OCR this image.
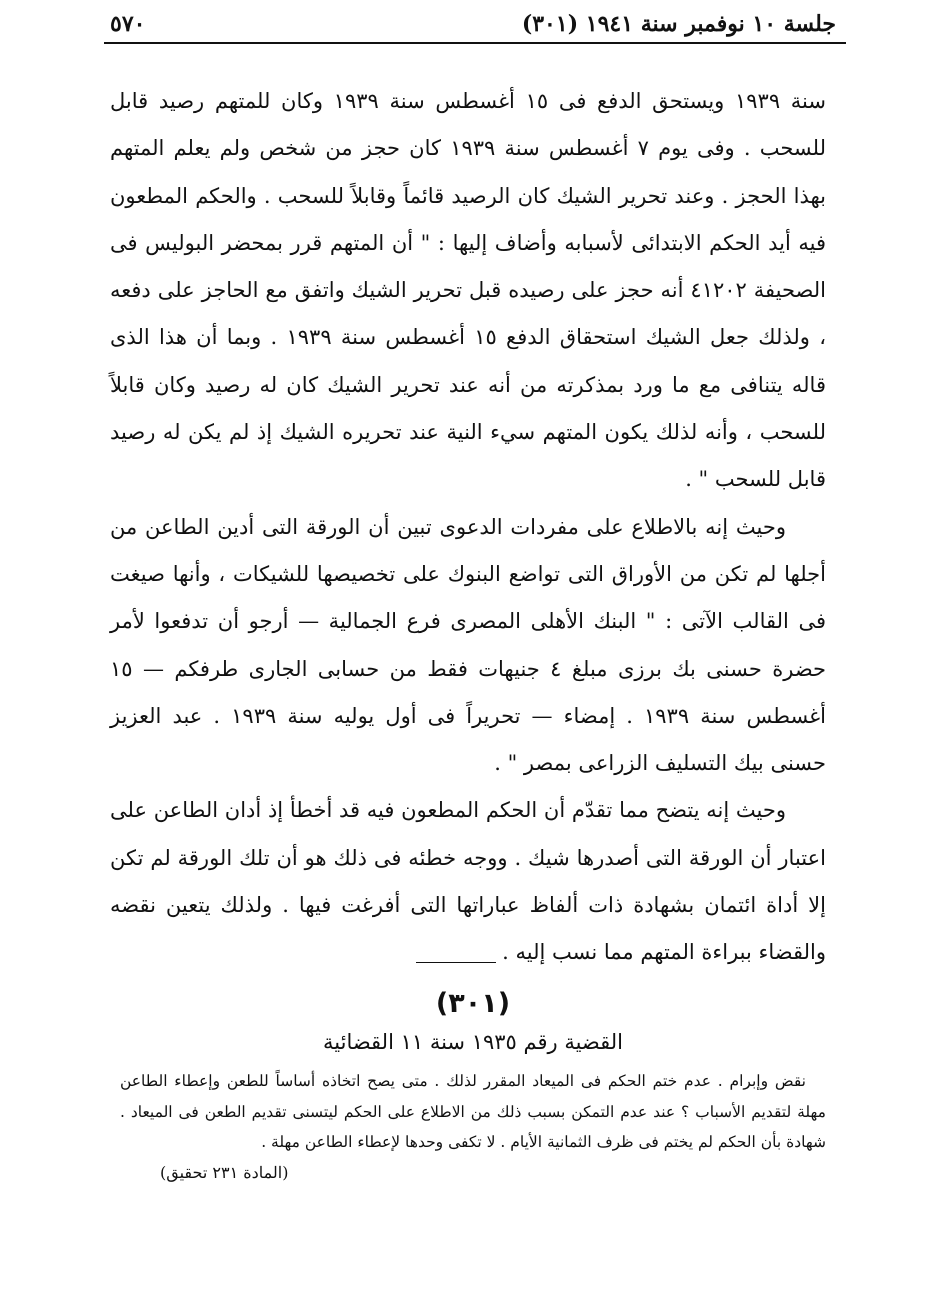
جلسة ١٠ نوفمبر سنة ١٩٤١ (٣٠١)
٥٧٠

سنة ١٩٣٩ ويستحق الدفع فى ١٥ أغسطس سنة ١٩٣٩ وكان للمتهم رصيد قابل للسحب . وفى يوم ٧ أغسطس سنة ١٩٣٩ كان حجز من شخص ولم يعلم المتهم بهذا الحجز . وعند تحرير الشيك كان الرصيد قائماً وقابلاً للسحب . والحكم المطعون فيه أيد الحكم الابتدائى لأسبابه وأضاف إليها : " أن المتهم قرر بمحضر البوليس فى الصحيفة ٤١٢٠٢ أنه حجز على رصيده قبل تحرير الشيك واتفق مع الحاجز على دفعه ، ولذلك جعل الشيك استحقاق الدفع ١٥ أغسطس سنة ١٩٣٩ . وبما أن هذا الذى قاله يتنافى مع ما ورد بمذكرته من أنه عند تحرير الشيك كان له رصيد وكان قابلاً للسحب ، وأنه لذلك يكون المتهم سيء النية عند تحريره الشيك إذ لم يكن له رصيد قابل للسحب " .

وحيث إنه بالاطلاع على مفردات الدعوى تبين أن الورقة التى أدين الطاعن من أجلها لم تكن من الأوراق التى تواضع البنوك على تخصيصها للشيكات ، وأنها صيغت فى القالب الآتى : " البنك الأهلى المصرى فرع الجمالية — أرجو أن تدفعوا لأمر حضرة حسنى بك برزى مبلغ ٤ جنيهات فقط من حسابى الجارى طرفكم — ١٥ أغسطس سنة ١٩٣٩ . إمضاء — تحريراً فى أول يوليه سنة ١٩٣٩ . عبد العزيز حسنى بيك التسليف الزراعى بمصر " .

وحيث إنه يتضح مما تقدّم أن الحكم المطعون فيه قد أخطأ إذ أدان الطاعن على اعتبار أن الورقة التى أصدرها شيك . ووجه خطئه فى ذلك هو أن تلك الورقة لم تكن إلا أداة ائتمان بشهادة ذات ألفاظ عباراتها التى أفرغت فيها . ولذلك يتعين نقضه والقضاء ببراءة المتهم مما نسب إليه .

(٣٠١)
القضية رقم ١٩٣٥ سنة ١١ القضائية
نقض وإبرام . عدم ختم الحكم فى الميعاد المقرر لذلك . متى يصح اتخاذه أساساً للطعن وإعطاء الطاعن مهلة لتقديم الأسباب ؟ عند عدم التمكن بسبب ذلك من الاطلاع على الحكم ليتسنى تقديم الطعن فى الميعاد . شهادة بأن الحكم لم يختم فى ظرف الثمانية الأيام . لا تكفى وحدها لإعطاء الطاعن مهلة .
(المادة ٢٣١ تحقيق)
